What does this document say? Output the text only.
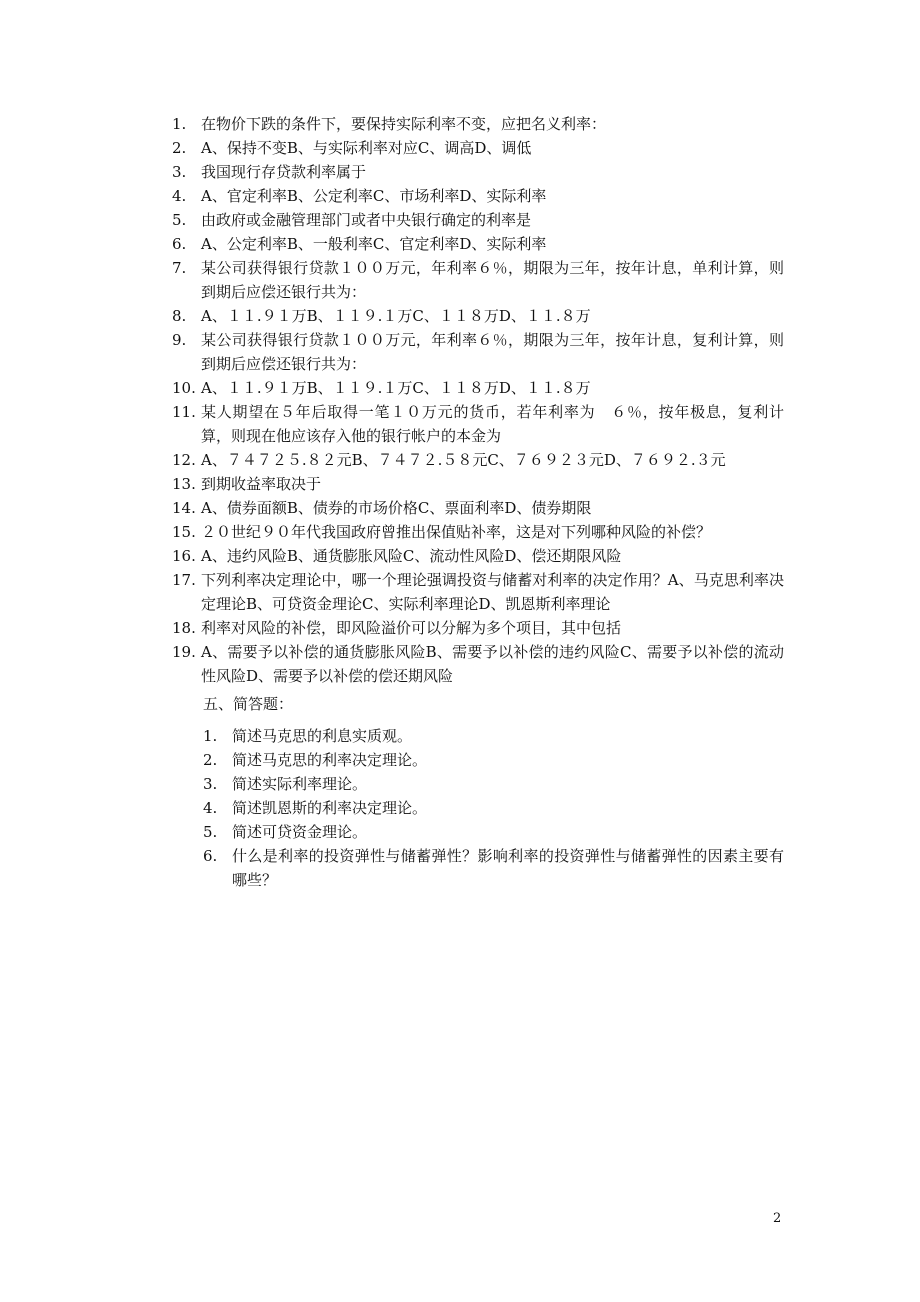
1. 在物价下跌的条件下，要保持实际利率不变，应把名义利率：
2. A、保持不变B、与实际利率对应C、调高D、调低
3. 我国现行存贷款利率属于
4. A、官定利率B、公定利率C、市场利率D、实际利率
5. 由政府或金融管理部门或者中央银行确定的利率是
6. A、公定利率B、一般利率C、官定利率D、实际利率
7. 某公司获得银行贷款１００万元，年利率６％，期限为三年，按年计息，单利计算，则到期后应偿还银行共为：
8. A、１１.９１万B、１１９.１万C、１１８万D、１１.８万
9. 某公司获得银行贷款１００万元，年利率６％，期限为三年，按年计息，复利计算，则到期后应偿还银行共为：
10. A、１１.９１万B、１１９.１万C、１１８万D、１１.８万
11. 某人期望在５年后取得一笔１０万元的货币，若年利率为　６％，按年极息，复利计算，则现在他应该存入他的银行帐户的本金为
12. A、７４７２５.８２元B、７４７２.５８元C、７６９２３元D、７６９２.３元
13. 到期收益率取决于
14. A、债券面额B、债券的市场价格C、票面利率D、债券期限
15. ２０世纪９０年代我国政府曾推出保值贴补率，这是对下列哪种风险的补偿？
16. A、违约风险B、通货膨胀风险C、流动性风险D、偿还期限风险
17. 下列利率决定理论中，哪一个理论强调投资与储蓄对利率的决定作用？A、马克思利率决定理论B、可贷资金理论C、实际利率理论D、凯恩斯利率理论
18. 利率对风险的补偿，即风险溢价可以分解为多个项目，其中包括
19. A、需要予以补偿的通货膨胀风险B、需要予以补偿的违约风险C、需要予以补偿的流动性风险D、需要予以补偿的偿还期风险
五、简答题：
1. 简述马克思的利息实质观。
2. 简述马克思的利率决定理论。
3. 简述实际利率理论。
4. 简述凯恩斯的利率决定理论。
5. 简述可贷资金理论。
6. 什么是利率的投资弹性与储蓄弹性？影响利率的投资弹性与储蓄弹性的因素主要有哪些？
2
